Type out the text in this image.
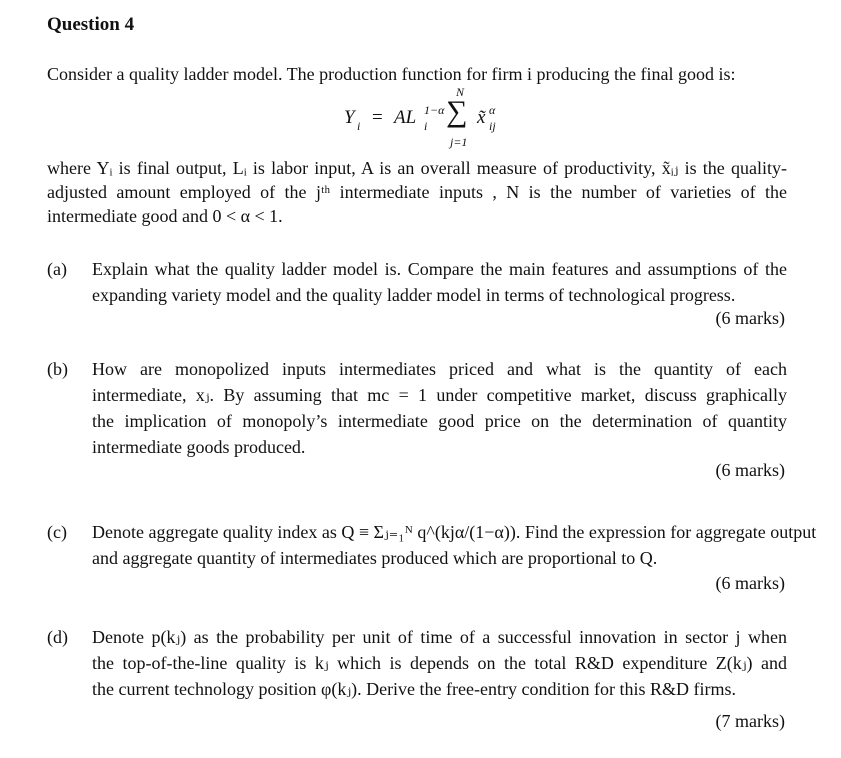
Question 4
Consider a quality ladder model. The production function for firm i producing the final good is:
Y i = AL 1−α
i
N
∑
j=1
x̃ α
ij
where Yᵢ is final output, Lᵢ is labor input, A is an overall measure of productivity, x̃ᵢⱼ is the quality-
adjusted amount employed of the jᵗʰ intermediate inputs , N is the number of varieties of the
intermediate good and 0 < α < 1.
(a) Explain what the quality ladder model is. Compare the main features and assumptions of the
expanding variety model and the quality ladder model in terms of technological progress.
(6 marks)
(b) How are monopolized inputs intermediates priced and what is the quantity of each
intermediate, xⱼ. By assuming that mc = 1 under competitive market, discuss graphically
the implication of monopoly’s intermediate good price on the determination of quantity
intermediate goods produced.
(6 marks)
(c) Denote aggregate quality index as Q ≡ Σⱼ₌₁ᴺ q^(kjα/(1−α)). Find the expression for aggregate output
and aggregate quantity of intermediates produced which are proportional to Q.
(6 marks)
(d) Denote p(kⱼ) as the probability per unit of time of a successful innovation in sector j when
the top-of-the-line quality is kⱼ which is depends on the total R&D expenditure Z(kⱼ) and
the current technology position φ(kⱼ). Derive the free-entry condition for this R&D firms.
(7 marks)
